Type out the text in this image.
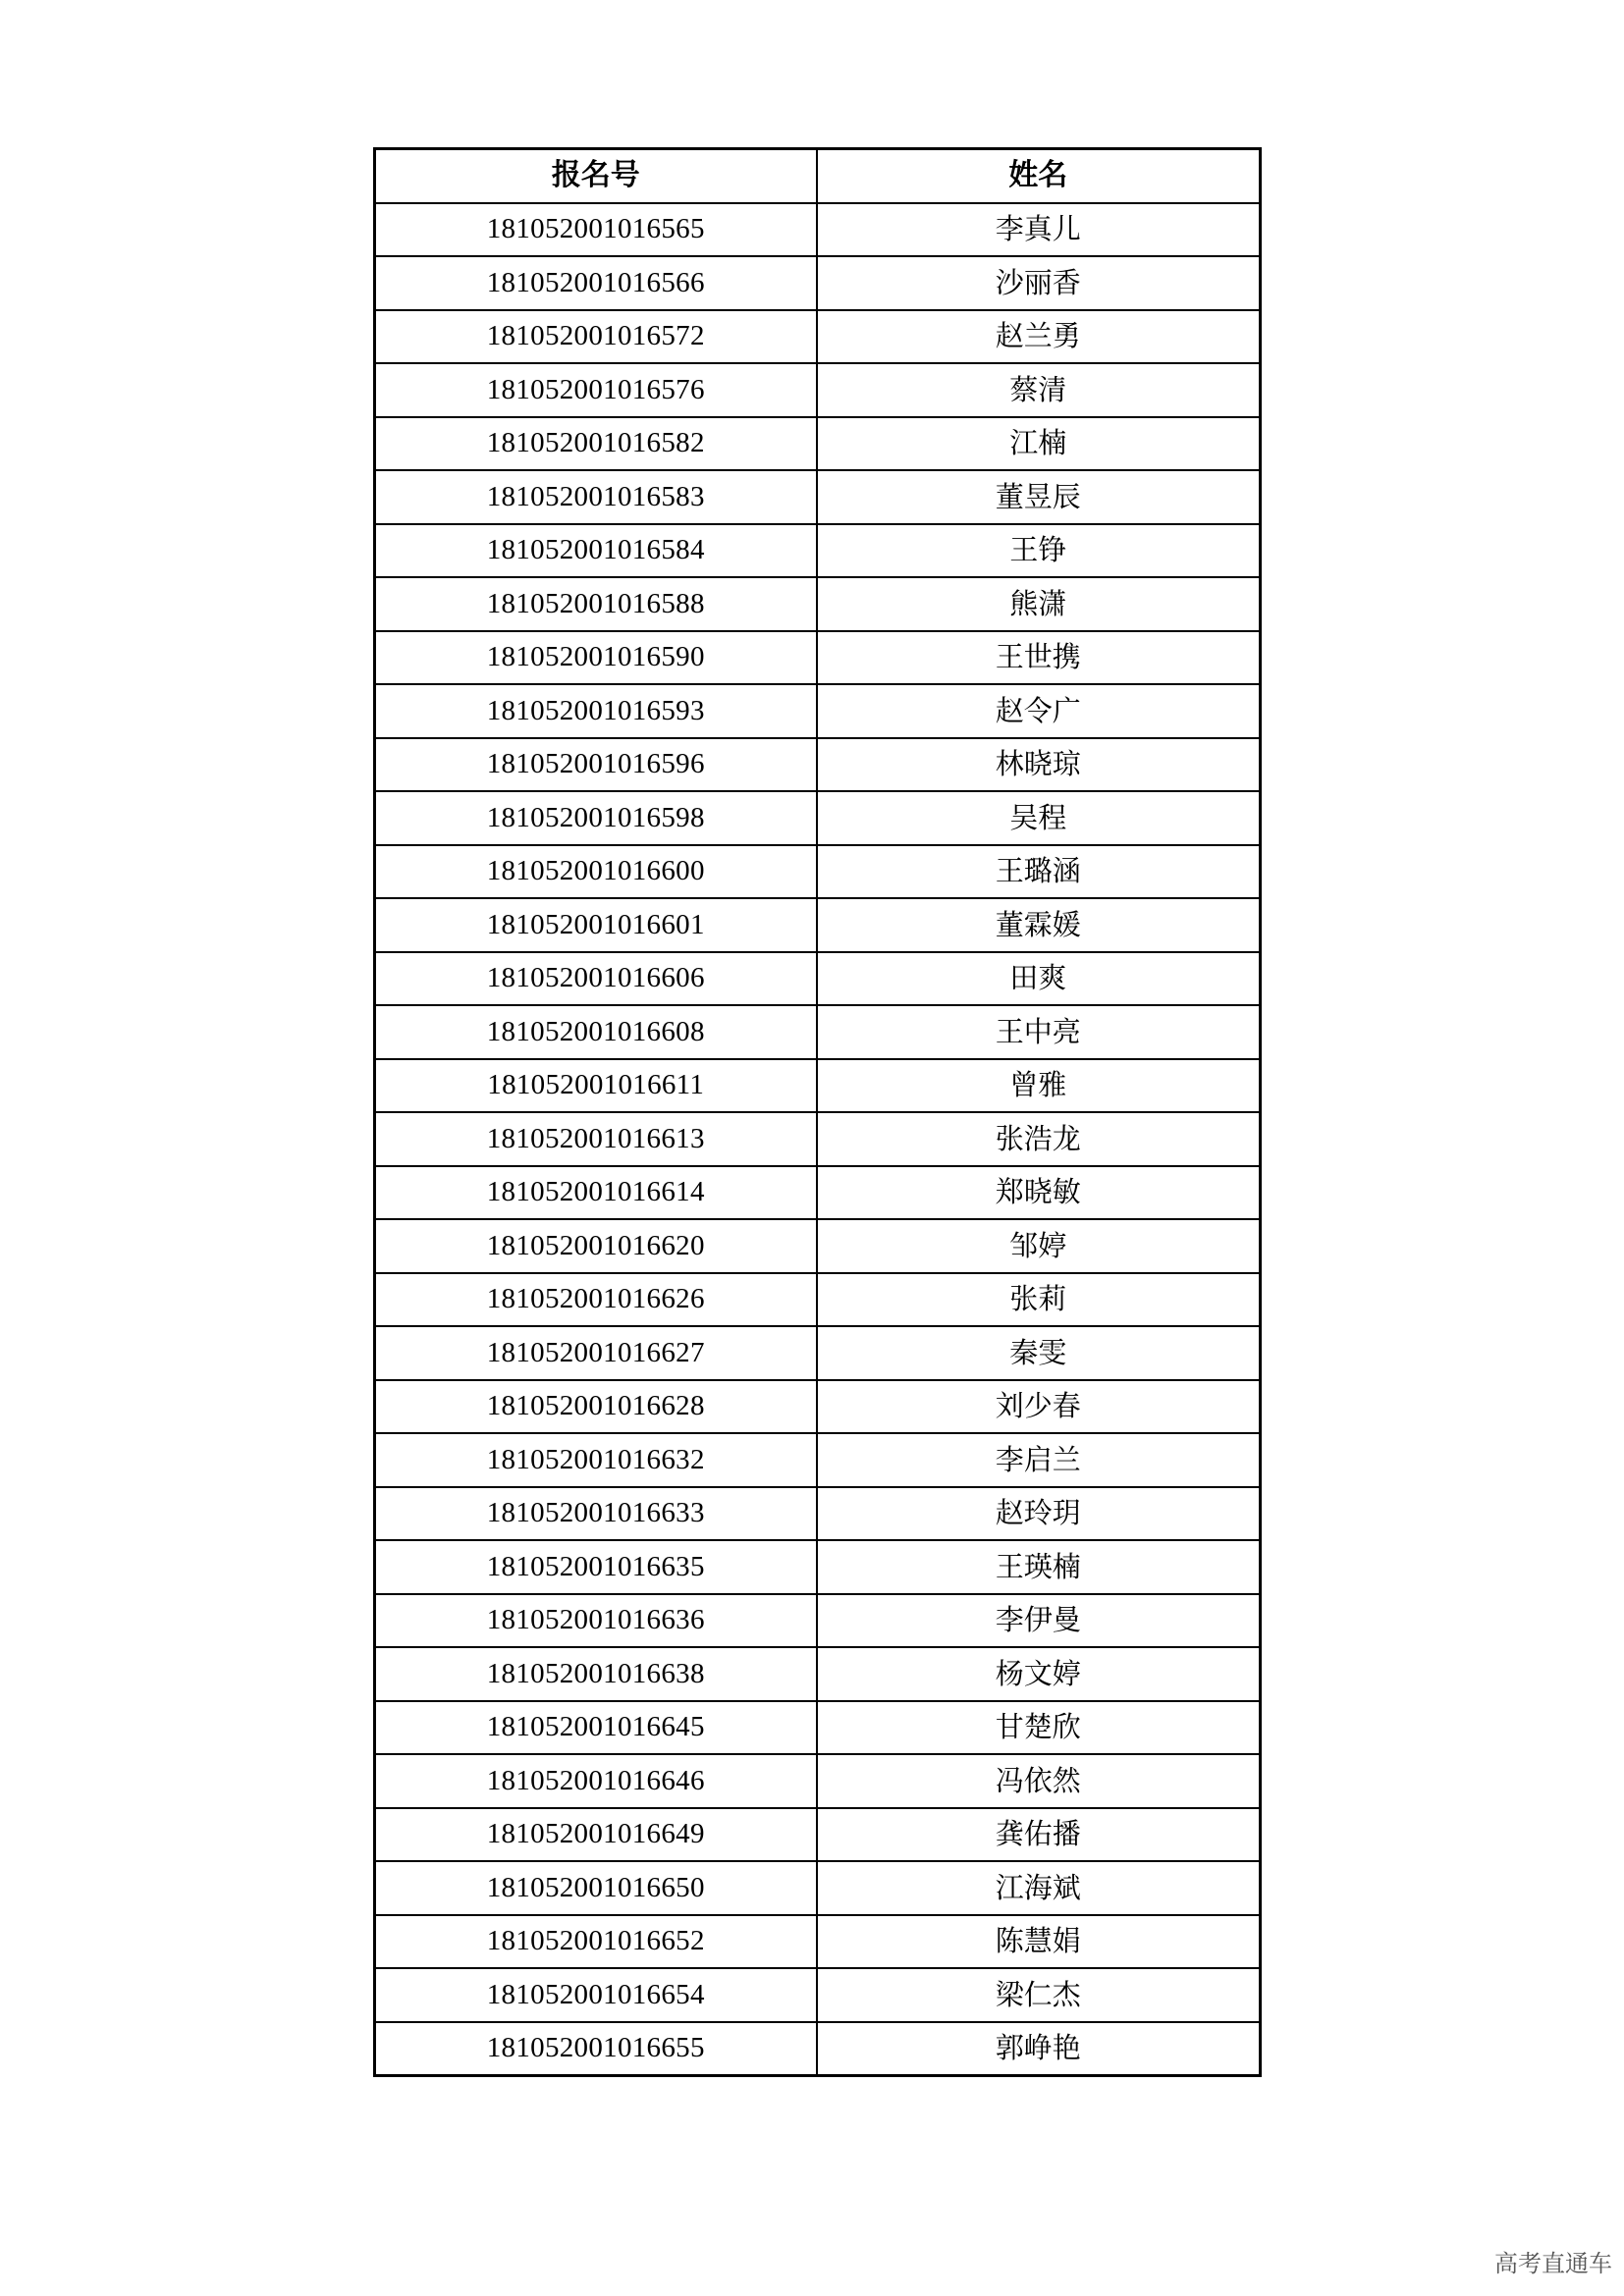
报名号	姓名
181052001016565	李真儿
181052001016566	沙丽香
181052001016572	赵兰勇
181052001016576	蔡清
181052001016582	江楠
181052001016583	董昱辰
181052001016584	王铮
181052001016588	熊潇
181052001016590	王世携
181052001016593	赵令广
181052001016596	林晓琼
181052001016598	吴程
181052001016600	王璐涵
181052001016601	董霖媛
181052001016606	田爽
181052001016608	王中亮
181052001016611	曾雅
181052001016613	张浩龙
181052001016614	郑晓敏
181052001016620	邹婷
181052001016626	张莉
181052001016627	秦雯
181052001016628	刘少春
181052001016632	李启兰
181052001016633	赵玲玥
181052001016635	王瑛楠
181052001016636	李伊曼
181052001016638	杨文婷
181052001016645	甘楚欣
181052001016646	冯依然
181052001016649	龚佑播
181052001016650	江海斌
181052001016652	陈慧娟
181052001016654	梁仁杰
181052001016655	郭峥艳
高考直通车
